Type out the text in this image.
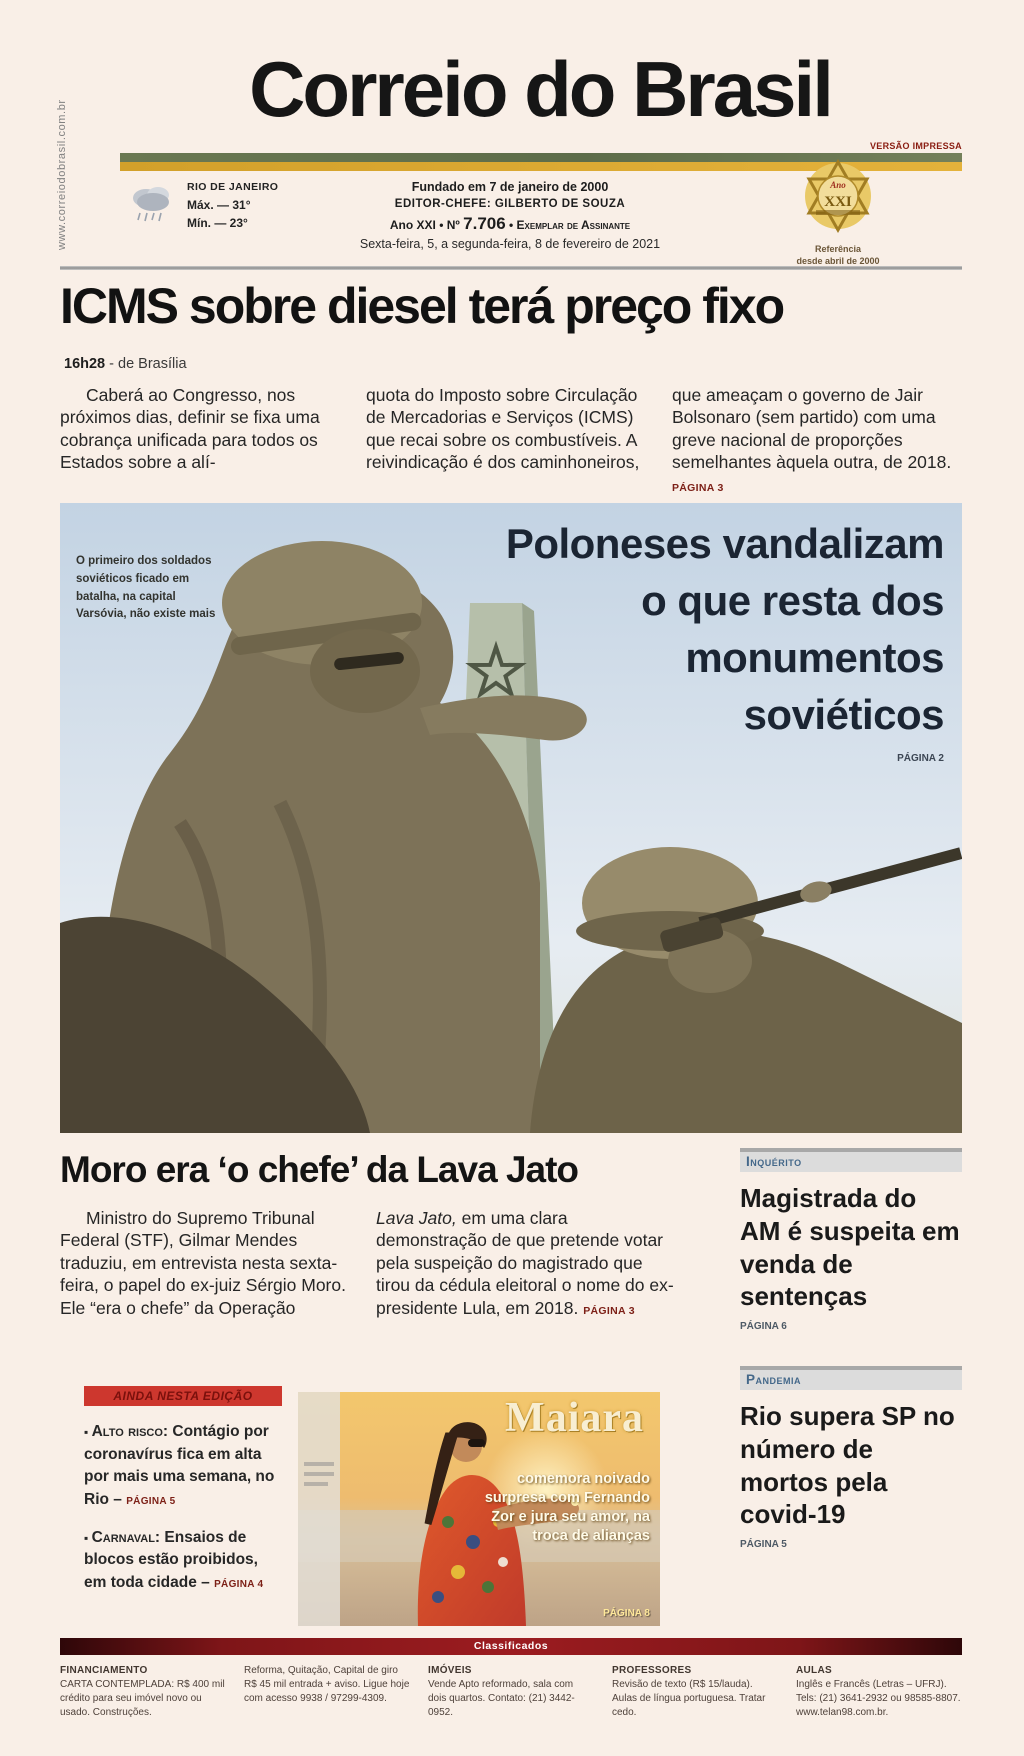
www.correiodobrasil.com.br
Correio do Brasil
VERSÃO IMPRESSA
RIO DE JANEIRO
Máx. — 31°
Mín. — 23°
Fundado em 7 de janeiro de 2000
EDITOR-CHEFE: GILBERTO DE SOUZA
Ano XXI • Nº 7.706 • Exemplar de Assinante
Sexta-feira, 5, a segunda-feira, 8 de fevereiro de 2021
Ano
XXI
Referência
desde abril de 2000
ICMS sobre diesel terá preço fixo
16h28 - de Brasília
Caberá ao Congresso, nos próximos dias, definir se fixa uma cobrança unificada para todos os Estados sobre a alí-
quota do Imposto sobre Circulação de Mercadorias e Serviços (ICMS) que recai sobre os combustíveis. A reivindicação é dos caminhoneiros,
que ameaçam o governo de Jair Bolsonaro (sem partido) com uma greve nacional de proporções semelhantes àquela outra, de 2018. PÁGINA 3
O primeiro dos soldados soviéticos ficado em batalha, na capital Varsóvia, não existe mais
Poloneses vandalizam
o que resta dos
monumentos
soviéticos
PÁGINA 2
Moro era ‘o chefe’ da Lava Jato
Ministro do Supremo Tribunal Federal (STF), Gilmar Mendes traduziu, em entrevista nesta sexta-feira, o papel do ex-juiz Sérgio Moro. Ele “era o chefe” da Operação
Lava Jato, em uma clara demonstração de que pretende votar pela suspeição do magistrado que tirou da cédula eleitoral o nome do ex-presidente Lula, em 2018. PÁGINA 3
Inquérito
Magistrada do AM é suspeita em venda de sentenças
PÁGINA 6
Pandemia
Rio supera SP no número de mortos pela covid-19
PÁGINA 5
AINDA NESTA EDIÇÃO
▪ Alto risco: Contágio por coronavírus fica em alta por mais uma semana, no Rio – PÁGINA 5
▪ Carnaval: Ensaios de blocos estão proibidos, em toda cidade – PÁGINA 4
Maiara
comemora noivado
surpresa com Fernando
Zor e jura seu amor, na
troca de alianças
PÁGINA 8
Classificados
FINANCIAMENTO
CARTA CONTEMPLADA: R$ 400 mil crédito para seu imóvel novo ou usado. Construções.
Reforma, Quitação, Capital de giro R$ 45 mil entrada + aviso. Ligue hoje com acesso 9938 / 97299-4309.
IMÓVEIS
Vende Apto reformado, sala com dois quartos. Contato: (21) 3442-0952.
PROFESSORES
Revisão de texto (R$ 15/lauda). Aulas de língua portuguesa. Tratar cedo.
AULAS
Inglês e Francês (Letras – UFRJ). Tels: (21) 3641-2932 ou 98585-8807. www.telan98.com.br.
